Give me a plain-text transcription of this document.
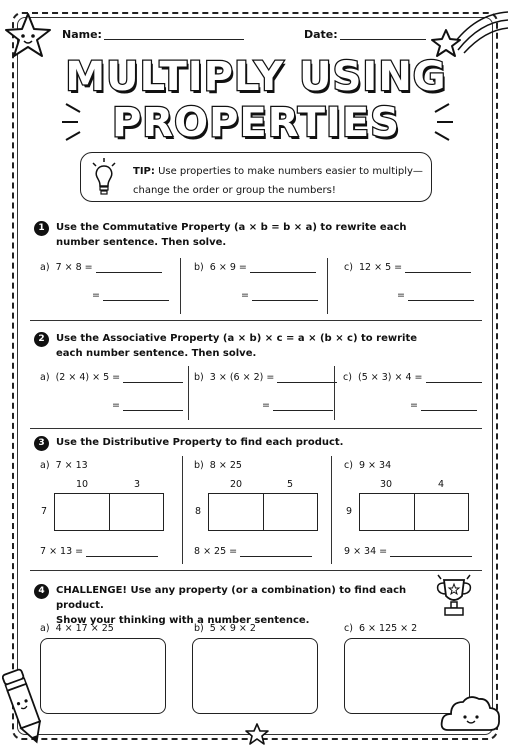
Name:	Date:
MULTIPLY USING
PROPERTIES
TIP: Use properties to make numbers easier to multiply—
change the order or group the numbers!
1	Use the Commutative Property (a × b = b × a) to rewrite each
number sentence. Then solve.
a) 7 × 8 =
=
b) 6 × 9 =
=
c) 12 × 5 =
=
2	Use the Associative Property (a × b) × c = a × (b × c) to rewrite
each number sentence. Then solve.
a) (2 × 4) × 5 =
=
b) 3 × (6 × 2) =
=
c) (5 × 3) × 4 =
=
3	Use the Distributive Property to find each product.
a) 7 × 13
10	3
7
7 × 13 =
b) 8 × 25
20	5
8
8 × 25 =
c) 9 × 34
30	4
9
9 × 34 =
4	CHALLENGE! Use any property (or a combination) to find each product.
Show your thinking with a number sentence.
a) 4 × 17 × 25	b) 5 × 9 × 2	c) 6 × 125 × 2
